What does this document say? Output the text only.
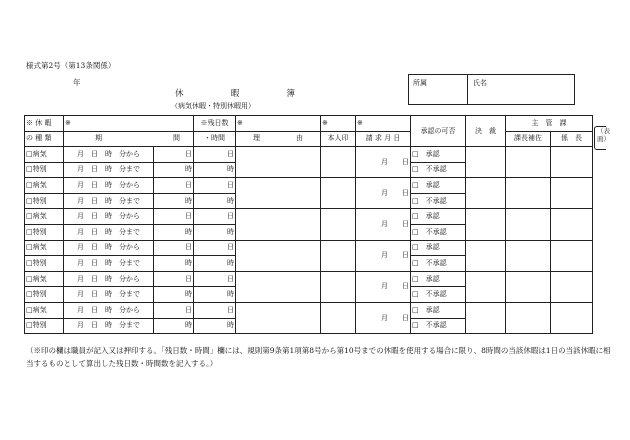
様式第2号（第13条関係）
年
休	暇	簿
（病気休暇・特別休暇用）
所属	氏名
※ 休 暇	※		※残日数	※	※	※	承認の可否	決　裁	主　管　課	
の 種 類	期 間		・時間	理 由	本人印	請 求 月 日			課長補佐	係　長
□病気	月　日　時　分から	日	日			月　　日	□　承認			
□特別	月　日　時　分まで	時	時				□　不承認			
□病気	月　日　時　分から	日	日			月　　日	□　承認			
□特別	月　日　時　分まで	時	時				□　不承認			
□病気	月　日　時　分から	日	日			月　　日	□　承認			
□特別	月　日　時　分まで	時	時				□　不承認			
□病気	月　日　時　分から	日	日			月　　日	□　承認			
□特別	月　日　時　分まで	時	時				□　不承認			
□病気	月　日　時　分から	日	日			月　　日	□　承認			
□特別	月　日　時　分まで	時	時				□　不承認			
□病気	月　日　時　分から	日	日			月　　日	□　承認			
□特別	月　日　時　分まで	時	時				□　不承認			
（表面）
（※印の欄は職員が記入又は押印する。「残日数・時間」欄には、規則第9条第1項第8号から第10号までの休暇を使用する場合に限り、8時間の当該休暇は1日の当該休暇に相当するものとして算出した残日数・時間数を記入する。）
